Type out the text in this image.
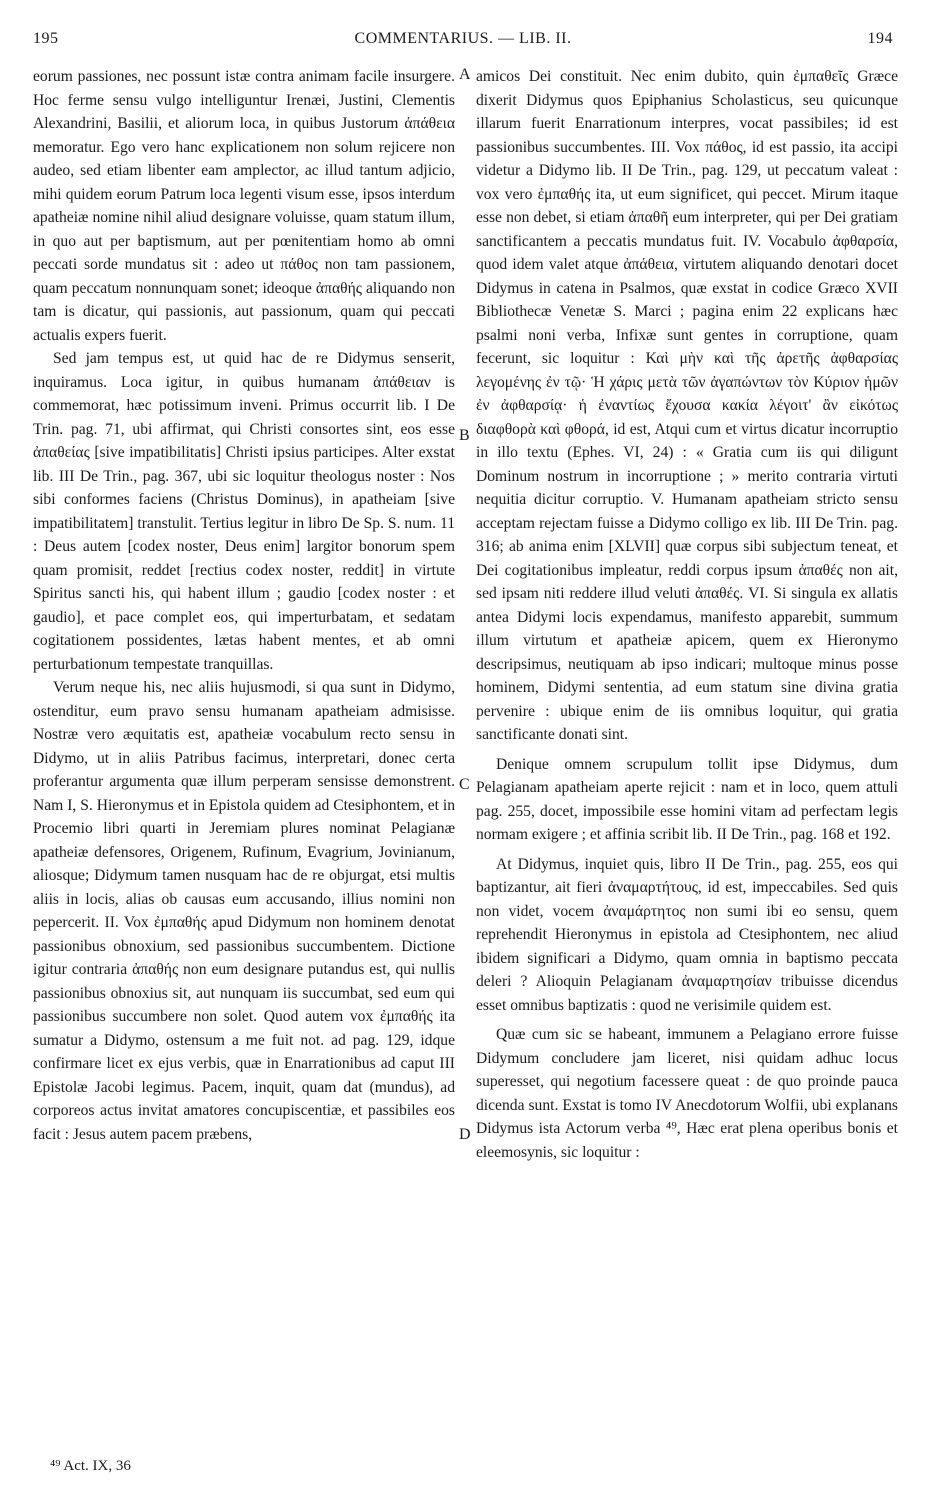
195	COMMENTARIUS. — LIB. II.	194

eorum passiones, nec possunt istæ contra animam facile insurgere. Hoc ferme sensu vulgo intelliguntur Irenæi, Justini, Clementis Alexandrini, Basilii, et aliorum loca, in quibus Justorum ἀπάθεια memoratur. Ego vero hanc explicationem non solum rejicere non audeo, sed etiam libenter eam amplector, ac illud tantum adjicio, mihi quidem eorum Patrum loca legenti visum esse, ipsos interdum apatheiæ nomine nihil aliud designare voluisse, quam statum illum, in quo aut per baptismum, aut per pœnitentiam homo ab omni peccati sorde mundatus sit : adeo ut πάθος non tam passionem, quam peccatum nonnunquam sonet; ideoque ἀπαθής aliquando non tam is dicatur, qui passionis, aut passionum, quam qui peccati actualis expers fuerit.

Sed jam tempus est, ut quid hac de re Didymus senserit, inquiramus. Loca igitur, in quibus humanam ἀπάθειαν is commemorat, hæc potissimum inveni. Primus occurrit lib. I De Trin. pag. 71, ubi affirmat, qui Christi consortes sint, eos esse ἀπαθείας [sive impatibilitatis] Christi ipsius participes. Alter exstat lib. III De Trin., pag. 367, ubi sic loquitur theologus noster : Nos sibi conformes faciens (Christus Dominus), in apatheiam [sive impatibilitatem] transtulit. Tertius legitur in libro De Sp. S. num. 11 : Deus autem [codex noster, Deus enim] largitor bonorum spem quam promisit, reddet [rectius codex noster, reddit] in virtute Spiritus sancti his, qui habent illum ; gaudio [codex noster : et gaudio], et pace complet eos, qui imperturbatam, et sedatam cogitationem possidentes, lætas habent mentes, et ab omni perturbationum tempestate tranquillas.

Verum neque his, nec aliis hujusmodi, si qua sunt in Didymo, ostenditur, eum pravo sensu humanam apatheiam admisisse. Nostræ vero æquitatis est, apatheiæ vocabulum recto sensu in Didymo, ut in aliis Patribus facimus, interpretari, donec certa proferantur argumenta quæ illum perperam sensisse demonstrent. Nam I, S. Hieronymus et in Epistola quidem ad Ctesiphontem, et in Procemio libri quarti in Jeremiam plures nominat Pelagianæ apatheiæ defensores, Origenem, Rufinum, Evagrium, Jovinianum, aliosque; Didymum tamen nusquam hac de re objurgat, etsi multis aliis in locis, alias ob causas eum accusando, illius nomini non pepercerit. II. Vox ἐμπαθής apud Didymum non hominem denotat passionibus obnoxium, sed passionibus succumbentem. Dictione igitur contraria ἀπαθής non eum designare putandus est, qui nullis passionibus obnoxius sit, aut nunquam iis succumbat, sed eum qui passionibus succumbere non solet. Quod autem vox ἐμπαθής ita sumatur a Didymo, ostensum a me fuit not. ad pag. 129, idque confirmare licet ex ejus verbis, quæ in Enarrationibus ad caput III Epistolæ Jacobi legimus. Pacem, inquit, quam dat (mundus), ad corporeos actus invitat amatores concupiscentiæ, et passibiles eos facit : Jesus autem pacem præbens,

amicos Dei constituit. Nec enim dubito, quin ἐμπαθεῖς Græce dixerit Didymus quos Epiphanius Scholasticus, seu quicunque illarum fuerit Enarrationum interpres, vocat passibiles; id est passionibus succumbentes. III. Vox πάθος, id est passio, ita accipi videtur a Didymo lib. II De Trin., pag. 129, ut peccatum valeat : vox vero ἐμπαθής ita, ut eum significet, qui peccet. Mirum itaque esse non debet, si etiam ἀπαθῆ eum interpreter, qui per Dei gratiam sanctificantem a peccatis mundatus fuit. IV. Vocabulo ἀφθαρσία, quod idem valet atque ἀπάθεια, virtutem aliquando denotari docet Didymus in catena in Psalmos, quæ exstat in codice Græco XVII Bibliothecæ Venetæ S. Marci ; pagina enim 22 explicans hæc psalmi noni verba, Infixæ sunt gentes in corruptione, quam fecerunt, sic loquitur : Καὶ μὴν καὶ τῆς ἀρετῆς ἀφθαρσίας λεγομένης ἐν τῷ· Ἡ χάρις μετὰ τῶν ἀγαπώντων τὸν Κύριον ἡμῶν ἐν ἀφθαρσίᾳ· ἡ ἐναντίως ἔχουσα κακία λέγοιτ' ἂν εἰκότως διαφθορὰ καὶ φθορά, id est, Atqui cum et virtus dicatur incorruptio in illo textu (Ephes. VI, 24) : « Gratia cum iis qui diligunt Dominum nostrum in incorruptione ; » merito contraria virtuti nequitia dicitur corruptio. V. Humanam apatheiam stricto sensu acceptam rejectam fuisse a Didymo colligo ex lib. III De Trin. pag. 316; ab anima enim [XLVII] quæ corpus sibi subjectum teneat, et Dei cogitationibus impleatur, reddi corpus ipsum ἀπαθές non ait, sed ipsam niti reddere illud veluti ἀπαθές. VI. Si singula ex allatis antea Didymi locis expendamus, manifesto apparebit, summum illum virtutum et apatheiæ apicem, quem ex Hieronymo descripsimus, neutiquam ab ipso indicari; multoque minus posse hominem, Didymi sententia, ad eum statum sine divina gratia pervenire : ubique enim de iis omnibus loquitur, qui gratia sanctificante donati sint.

Denique omnem scrupulum tollit ipse Didymus, dum Pelagianam apatheiam aperte rejicit : nam et in loco, quem attuli pag. 255, docet, impossibile esse homini vitam ad perfectam legis normam exigere ; et affinia scribit lib. II De Trin., pag. 168 et 192.

At Didymus, inquiet quis, libro II De Trin., pag. 255, eos qui baptizantur, ait fieri ἀναμαρτήτους, id est, impeccabiles. Sed quis non videt, vocem ἀναμάρτητος non sumi ibi eo sensu, quem reprehendit Hieronymus in epistola ad Ctesiphontem, nec aliud ibidem significari a Didymo, quam omnia in baptismo peccata deleri ? Alioquin Pelagianam ἀναμαρτησίαν tribuisse dicendus esset omnibus baptizatis : quod ne verisimile quidem est.

Quæ cum sic se habeant, immunem a Pelagiano errore fuisse Didymum concludere jam liceret, nisi quidam adhuc locus superesset, qui negotium facessere queat : de quo proinde pauca dicenda sunt. Exstat is tomo IV Anecdotorum Wolfii, ubi explanans Didymus ista Actorum verba ⁴⁹, Hæc erat plena operibus bonis et eleemosynis, sic loquitur :

A
B
C
D
⁴⁹ Act. IX, 36
